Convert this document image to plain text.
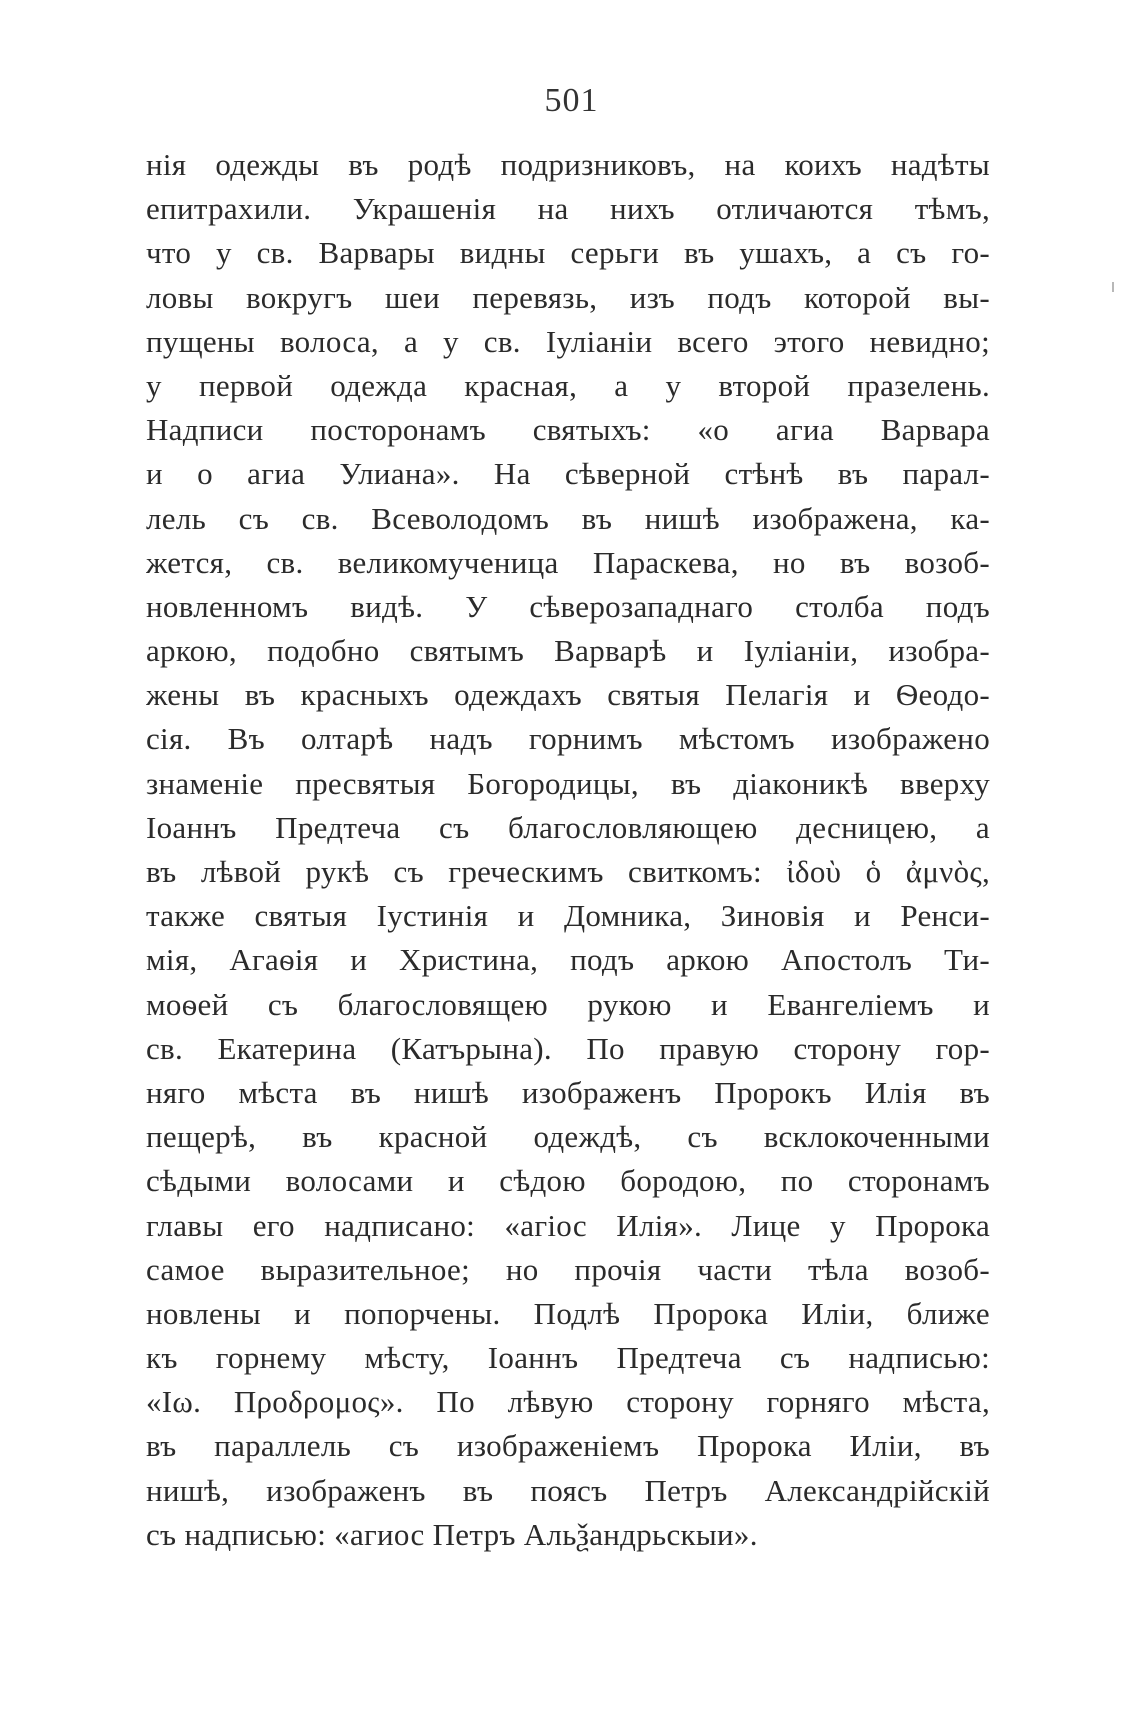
501
нія одежды въ родѣ подризниковъ, на коихъ надѣты
епитрахили. Украшенія на нихъ отличаются тѣмъ,
что у св. Варвары видны серьги въ ушахъ, а съ го-
ловы вокругъ шеи перевязь, изъ подъ которой вы-
пущены волоса, а у св. Іуліаніи всего этого невидно;
у первой одежда красная, а у второй празелень.
Надписи посторонамъ святыхъ: «о агиа Варвара
и о агиа Улиана». На сѣверной стѣнѣ въ парал-
лель съ св. Всеволодомъ въ нишѣ изображена, ка-
жется, св. великомученица Параскева, но въ возоб-
новленномъ видѣ. У сѣверозападнаго столба подъ
аркою, подобно святымъ Варварѣ и Іуліаніи, изобра-
жены въ красныхъ одеждахъ святыя Пелагія и Ѳеодо-
сія. Въ олтарѣ надъ горнимъ мѣстомъ изображено
знаменіе пресвятыя Богородицы, въ діаконикѣ вверху
Іоаннъ Предтеча съ благословляющею десницею, а
въ лѣвой рукѣ съ греческимъ свиткомъ: ἰδοὺ ὁ ἀμνὸς,
также святыя Іустинія и Домника, Зиновія и Ренси-
мія, Агаѳія и Христина, подъ аркою Апостолъ Ти-
моѳей съ благословящею рукою и Евангеліемъ и
св. Екатерина (Катърына). По правую сторону гор-
няго мѣста въ нишѣ изображенъ Пророкъ Илія въ
пещерѣ, въ красной одеждѣ, съ всклокоченными
сѣдыми волосами и сѣдою бородою, по сторонамъ
главы его надписано: «агіос Илія». Лице у Пророка
самое выразительное; но прочія части тѣла возоб-
новлены и попорчены. Подлѣ Пророка Иліи, ближе
къ горнему мѣсту, Іоаннъ Предтеча съ надписью:
«Іω. Προδρομος». По лѣвую сторону горняго мѣста,
въ параллель съ изображеніемъ Пророка Иліи, въ
нишѣ, изображенъ въ поясъ Петръ Александрійскій
съ надписью: «агиос Петръ Альѯандрьскыи».
